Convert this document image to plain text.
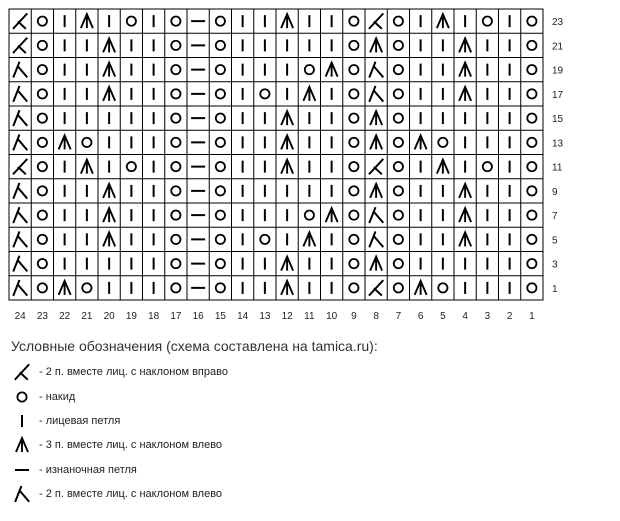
24 23 22 21 20 19 18 17 16 15 14 13 12 11 10 9 8 7 6 5 4 3 2 1
23
21
19
17
15
13
11
9
7
5
3
1
Условные обозначения (схема составлена на tamica.ru):
- 2 п. вместе лиц. с наклоном вправо
- накид
- лицевая петля
- 3 п. вместе лиц. с наклоном влево
- изнаночная петля
- 2 п. вместе лиц. с наклоном влево
